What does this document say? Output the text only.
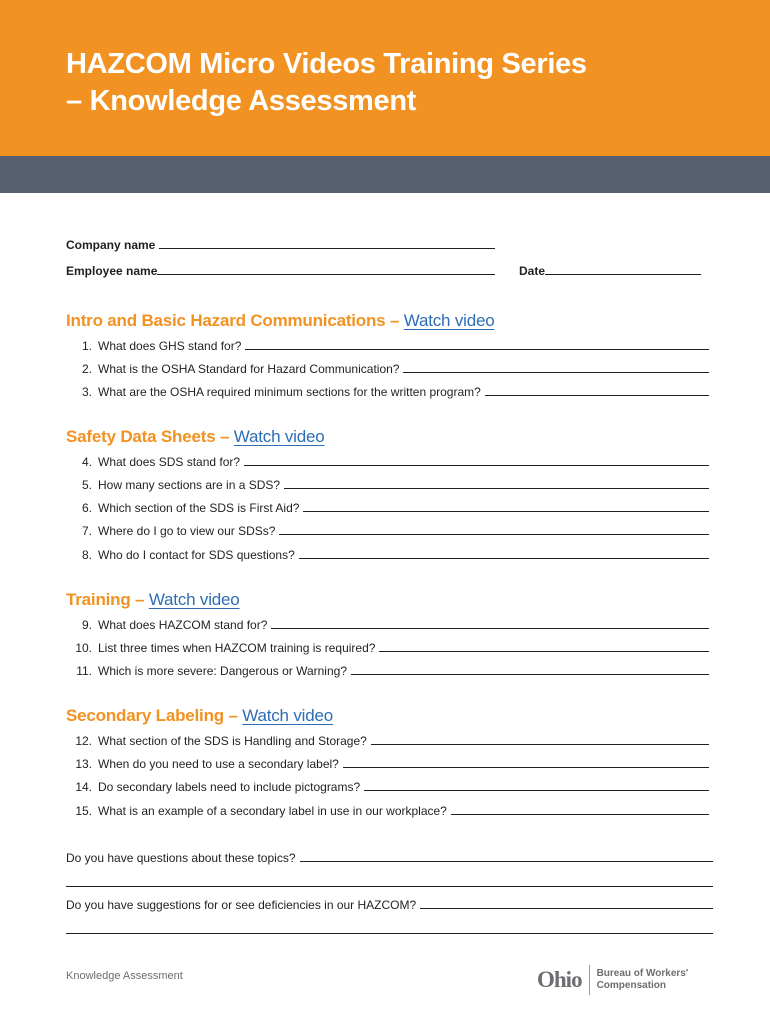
HAZCOM Micro Videos Training Series
– Knowledge Assessment
Company name
Employee name	Date
Intro and Basic Hazard Communications – Watch video
1. What does GHS stand for?
2. What is the OSHA Standard for Hazard Communication?
3. What are the OSHA required minimum sections for the written program?
Safety Data Sheets – Watch video
4. What does SDS stand for?
5. How many sections are in a SDS?
6. Which section of the SDS is First Aid?
7. Where do I go to view our SDSs?
8. Who do I contact for SDS questions?
Training – Watch video
9. What does HAZCOM stand for?
10. List three times when HAZCOM training is required?
11. Which is more severe: Dangerous or Warning?
Secondary Labeling – Watch video
12. What section of the SDS is Handling and Storage?
13. When do you need to use a secondary label?
14. Do secondary labels need to include pictograms?
15. What is an example of a secondary label in use in our workplace?
Do you have questions about these topics?
Do you have suggestions for or see deficiencies in our HAZCOM?
Knowledge Assessment	Ohio Bureau of Workers'
Compensation
